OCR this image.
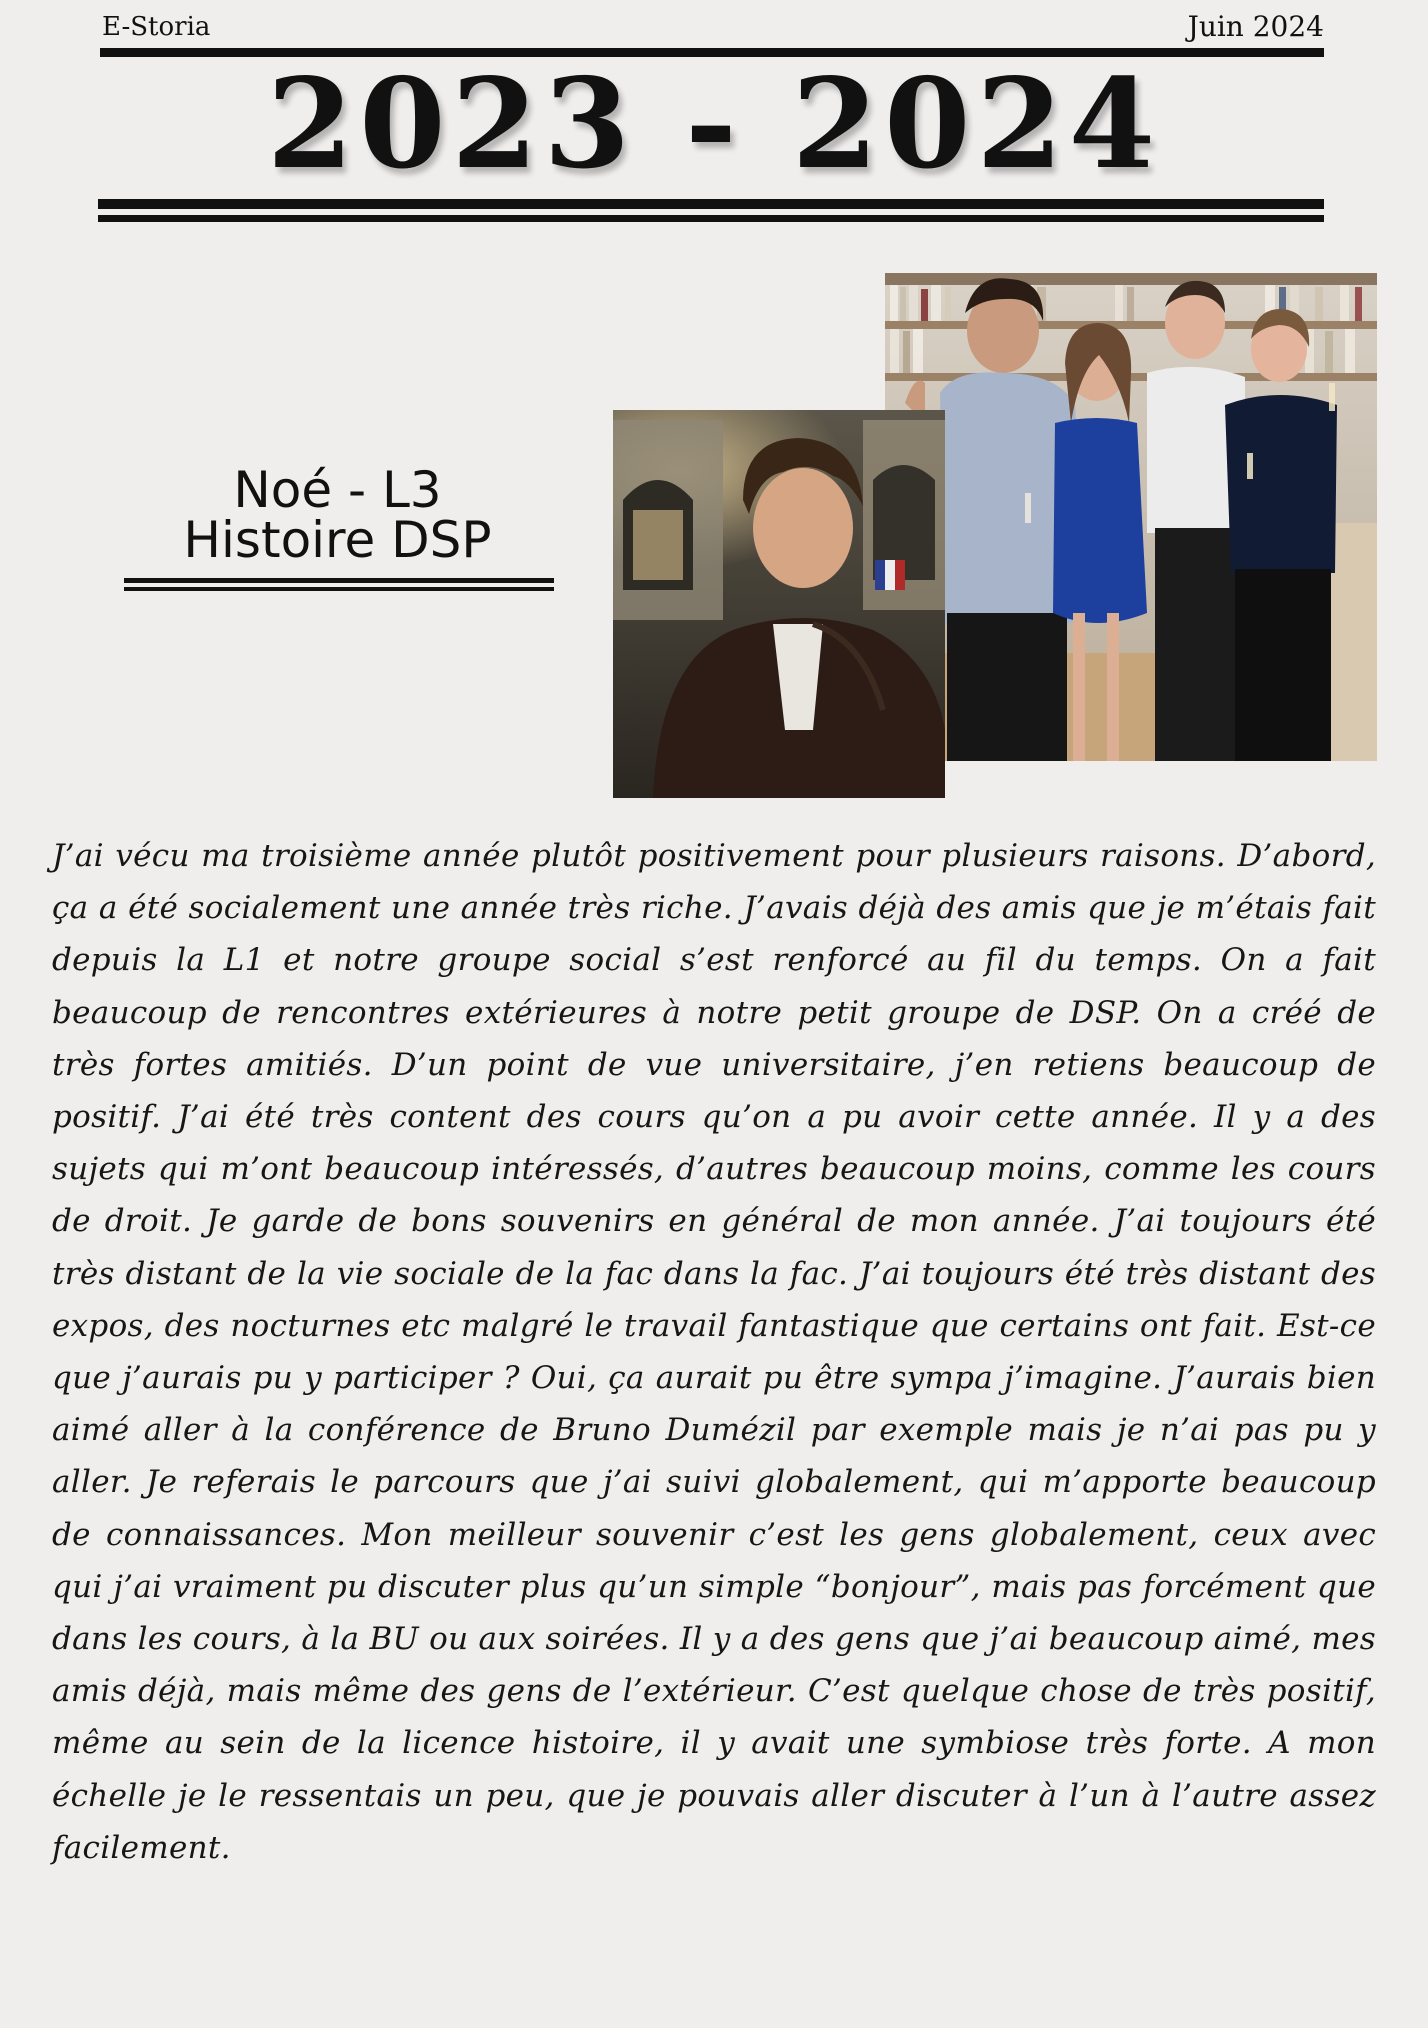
E-Storia	Juin 2024
2023 - 2024
Noé - L3
Histoire DSP

J’ai vécu ma troisième année plutôt positivement pour plusieurs raisons. D’abord, ça a été socialement une année très riche. J’avais déjà des amis que je m’étais fait depuis la L1 et notre groupe social s’est renforcé au fil du temps. On a fait beaucoup de rencontres extérieures à notre petit groupe de DSP. On a créé de très fortes amitiés. D’un point de vue universitaire, j’en retiens beaucoup de positif. J’ai été très content des cours qu’on a pu avoir cette année. Il y a des sujets qui m’ont beaucoup intéressés, d’autres beaucoup moins, comme les cours de droit. Je garde de bons souvenirs en général de mon année. J’ai toujours été très distant de la vie sociale de la fac dans la fac. J’ai toujours été très distant des expos, des nocturnes etc malgré le travail fantastique que certains ont fait. Est-ce que j’aurais pu y participer ? Oui, ça aurait pu être sympa j’imagine. J’aurais bien aimé aller à la conférence de Bruno Dumézil par exemple mais je n’ai pas pu y aller. Je referais le parcours que j’ai suivi globalement, qui m’apporte beaucoup de connaissances. Mon meilleur souvenir c’est les gens globalement, ceux avec qui j’ai vraiment pu discuter plus qu’un simple “bonjour”, mais pas forcément que dans les cours, à la BU ou aux soirées. Il y a des gens que j’ai beaucoup aimé, mes amis déjà, mais même des gens de l’extérieur. C’est quelque chose de très positif, même au sein de la licence histoire, il y avait une symbiose très forte. A mon échelle je le ressentais un peu, que je pouvais aller discuter à l’un à l’autre assez facilement.
